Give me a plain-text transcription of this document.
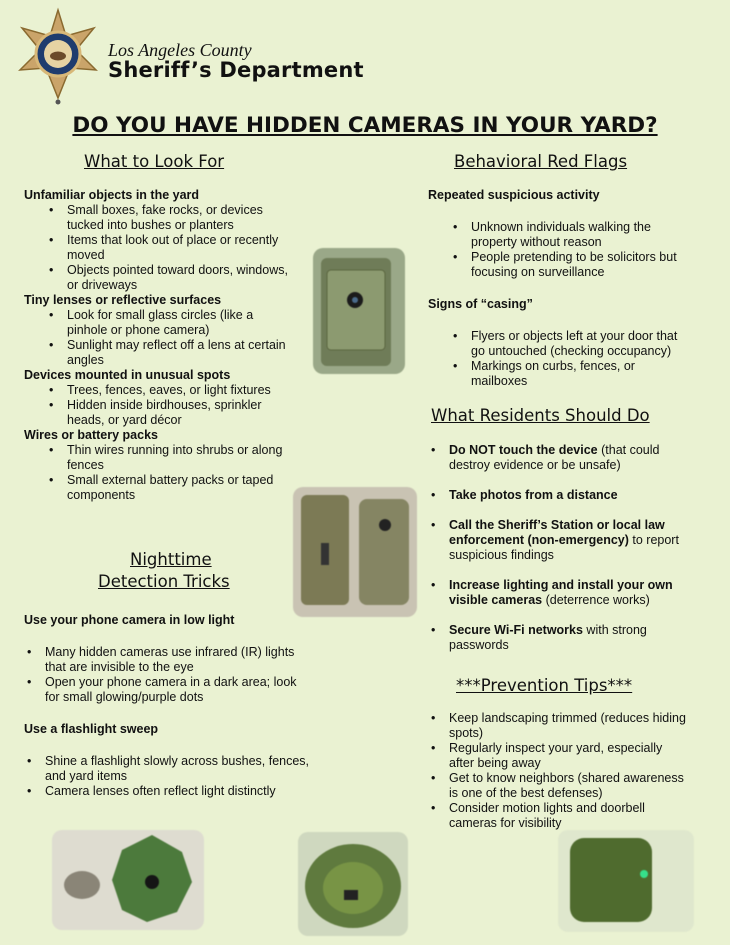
Los Angeles County
Sheriff’s Department
DO YOU HAVE HIDDEN CAMERAS IN YOUR YARD?
What to Look For
Unfamiliar objects in the yard
• Small boxes, fake rocks, or devices
tucked into bushes or planters
• Items that look out of place or recently
moved
• Objects pointed toward doors, windows,
or driveways
Tiny lenses or reflective surfaces
• Look for small glass circles (like a
pinhole or phone camera)
• Sunlight may reflect off a lens at certain
angles
Devices mounted in unusual spots
• Trees, fences, eaves, or light fixtures
• Hidden inside birdhouses, sprinkler
heads, or yard décor
Wires or battery packs
• Thin wires running into shrubs or along
fences
• Small external battery packs or taped
components
Nighttime
Detection Tricks
Use your phone camera in low light
• Many hidden cameras use infrared (IR) lights
that are invisible to the eye
• Open your phone camera in a dark area; look
for small glowing/purple dots
Use a flashlight sweep
• Shine a flashlight slowly across bushes, fences,
and yard items
• Camera lenses often reflect light distinctly
Behavioral Red Flags
Repeated suspicious activity
• Unknown individuals walking the
property without reason
• People pretending to be solicitors but
focusing on surveillance
Signs of “casing”
• Flyers or objects left at your door that
go untouched (checking occupancy)
• Markings on curbs, fences, or
mailboxes
What Residents Should Do
• Do NOT touch the device (that could
destroy evidence or be unsafe)
• Take photos from a distance
• Call the Sheriff’s Station or local law
enforcement (non-emergency) to report
suspicious findings
• Increase lighting and install your own
visible cameras (deterrence works)
• Secure Wi-Fi networks with strong
passwords
***Prevention Tips***
• Keep landscaping trimmed (reduces hiding
spots)
• Regularly inspect your yard, especially
after being away
• Get to know neighbors (shared awareness
is one of the best defenses)
• Consider motion lights and doorbell
cameras for visibility
